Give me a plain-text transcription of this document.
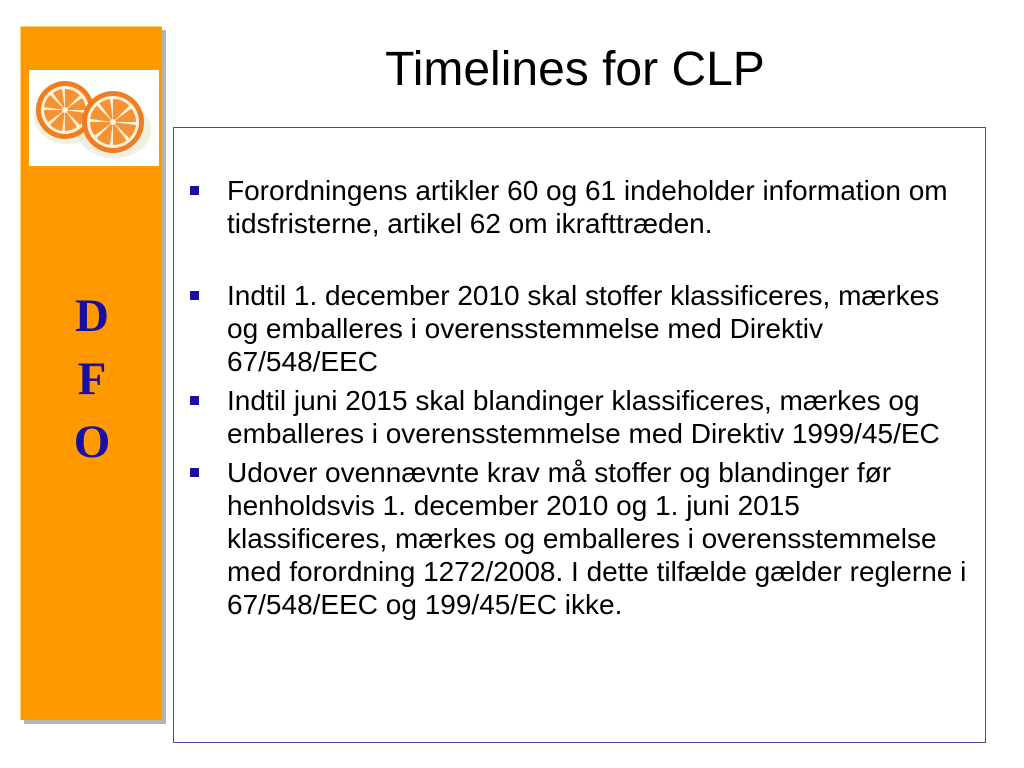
D
F
O
Timelines for CLP
Forordningens artikler 60 og 61 indeholder information om tidsfristerne, artikel 62 om ikrafttræden.
Indtil 1. december 2010 skal stoffer klassificeres, mærkes og emballeres i overensstemmelse med Direktiv 67/548/EEC
Indtil juni 2015 skal blandinger klassificeres, mærkes og emballeres i overensstemmelse med Direktiv 1999/45/EC
Udover ovennævnte krav må stoffer og blandinger før henholdsvis 1. december 2010 og 1. juni 2015 klassificeres, mærkes og emballeres i overensstemmelse med forordning 1272/2008. I dette tilfælde gælder reglerne i 67/548/EEC og 199/45/EC ikke.
